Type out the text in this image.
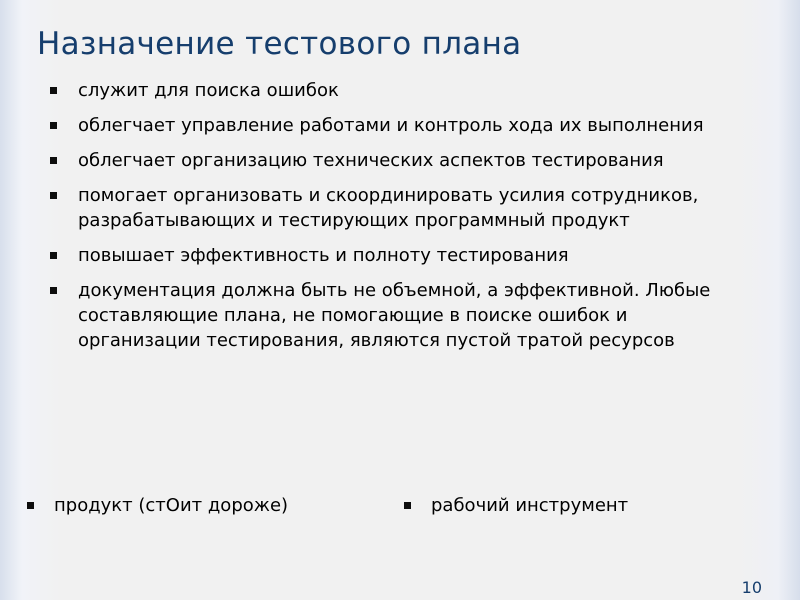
Назначение тестового плана
служит для поиска ошибок
облегчает управление работами и контроль хода их выполнения
облегчает организацию технических аспектов тестирования
помогает организовать и скоординировать усилия сотрудников, разрабатывающих и тестирующих программный продукт
повышает эффективность и полноту тестирования
документация должна быть не объемной, а эффективной. Любые составляющие плана, не помогающие в поиске ошибок и организации тестирования, являются пустой тратой ресурсов
продукт (стОит дороже)	рабочий инструмент
10
